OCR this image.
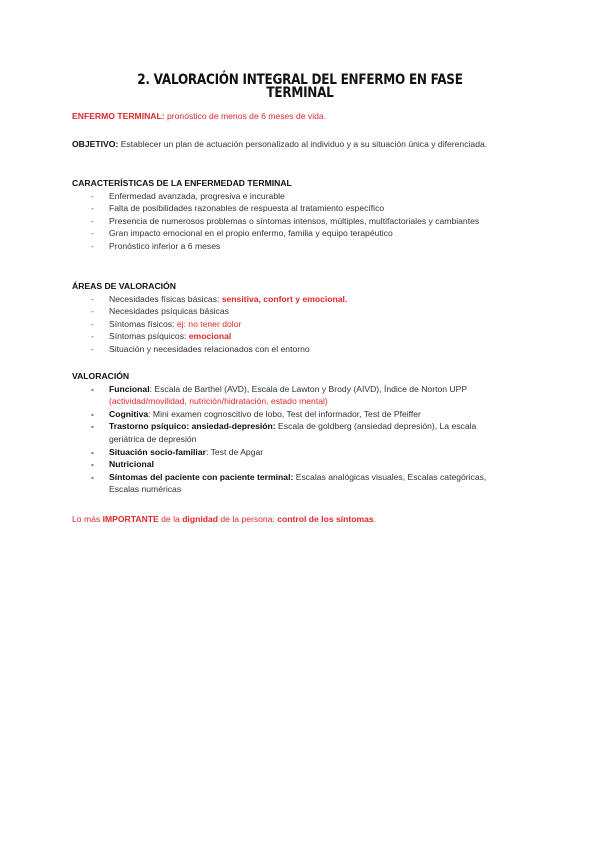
2. VALORACIÓN INTEGRAL DEL ENFERMO EN FASE TERMINAL
ENFERMO TERMINAL: pronóstico de menos de 6 meses de vida.
OBJETIVO: Establecer un plan de actuación personalizado al individuo y a su situación única y diferenciada.
CARACTERÍSTICAS DE LA ENFERMEDAD TERMINAL
- Enfermedad avanzada, progresiva e incurable
- Falta de posibilidades razonables de respuesta al tratamiento específico
- Presencia de numerosos problemas o síntomas intensos, múltiples, multifactoriales y cambiantes
- Gran impacto emocional en el propio enfermo, familia y equipo terapéutico
- Pronóstico inferior a 6 meses
ÁREAS DE VALORACIÓN
- Necesidades físicas básicas: sensitiva, confort y emocional.
- Necesidades psíquicas básicas
- Síntomas físicos: ej: no tener dolor
- Síntomas psíquicos: emocional
- Situación y necesidades relacionados con el entorno
VALORACIÓN
- Funcional: Escala de Barthel (AVD), Escala de Lawton y Brody (AIVD), Índice de Norton UPP (actividad/movilidad, nutrición/hidratación, estado mental)
- Cognitiva: Mini examen cognoscitivo de lobo, Test del informador, Test de Pfeiffer
- Trastorno psíquico: ansiedad-depresión: Escala de goldberg (ansiedad depresión), La escala geriátrica de depresión
- Situación socio-familiar: Test de Apgar
- Nutricional
- Síntomas del paciente con paciente terminal: Escalas analógicas visuales, Escalas categóricas, Escalas numéricas
Lo más IMPORTANTE de la dignidad de la persona: control de los síntomas.
